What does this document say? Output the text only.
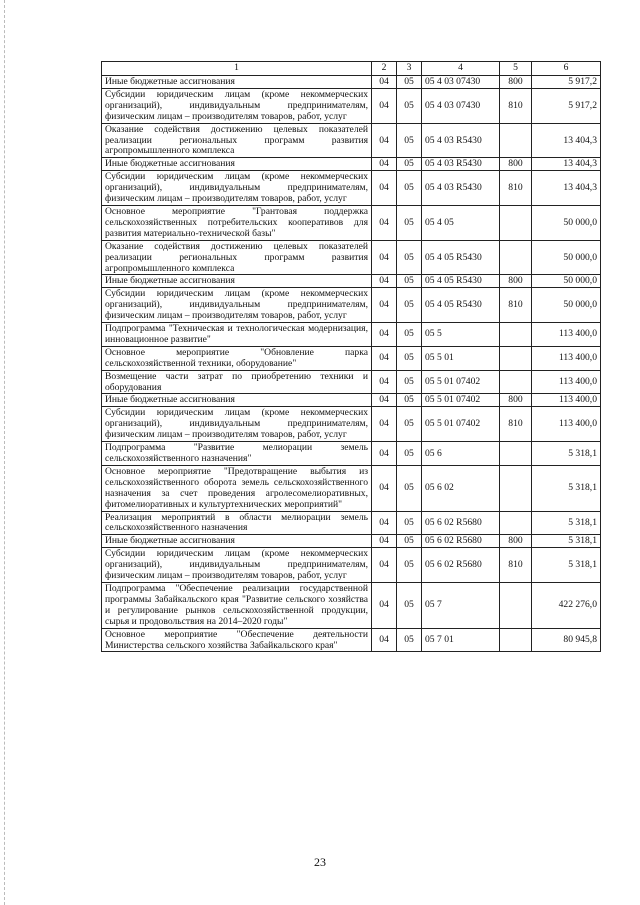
1	2	3	4	5	6
Иные бюджетные ассигнования	04	05	05 4 03 07430	800	5 917,2
Субсидии юридическим лицам (кроме некоммерческих организаций), индивидуальным предпринимателям, физическим лицам – производителям товаров, работ, услуг	04	05	05 4 03 07430	810	5 917,2
Оказание содействия достижению целевых показателей реализации региональных программ развития агропромышленного комплекса	04	05	05 4 03 R5430		13 404,3
Иные бюджетные ассигнования	04	05	05 4 03 R5430	800	13 404,3
Субсидии юридическим лицам (кроме некоммерческих организаций), индивидуальным предпринимателям, физическим лицам – производителям товаров, работ, услуг	04	05	05 4 03 R5430	810	13 404,3
Основное мероприятие "Грантовая поддержка сельскохозяйственных потребительских кооперативов для развития материально-технической базы"	04	05	05 4 05		50 000,0
Оказание содействия достижению целевых показателей реализации региональных программ развития агропромышленного комплекса	04	05	05 4 05 R5430		50 000,0
Иные бюджетные ассигнования	04	05	05 4 05 R5430	800	50 000,0
Субсидии юридическим лицам (кроме некоммерческих организаций), индивидуальным предпринимателям, физическим лицам – производителям товаров, работ, услуг	04	05	05 4 05 R5430	810	50 000,0
Подпрограмма "Техническая и технологическая модернизация, инновационное развитие"	04	05	05 5		113 400,0
Основное мероприятие "Обновление парка сельскохозяйственной техники, оборудование"	04	05	05 5 01		113 400,0
Возмещение части затрат по приобретению техники и оборудования	04	05	05 5 01 07402		113 400,0
Иные бюджетные ассигнования	04	05	05 5 01 07402	800	113 400,0
Субсидии юридическим лицам (кроме некоммерческих организаций), индивидуальным предпринимателям, физическим лицам – производителям товаров, работ, услуг	04	05	05 5 01 07402	810	113 400,0
Подпрограмма "Развитие мелиорации земель сельскохозяйственного назначения"	04	05	05 6		5 318,1
Основное мероприятие "Предотвращение выбытия из сельскохозяйственного оборота земель сельскохозяйственного назначения за счет проведения агролесомелиоративных, фитомелиоративных и культуртехнических мероприятий"	04	05	05 6 02		5 318,1
Реализация мероприятий в области мелиорации земель сельскохозяйственного назначения	04	05	05 6 02 R5680		5 318,1
Иные бюджетные ассигнования	04	05	05 6 02 R5680	800	5 318,1
Субсидии юридическим лицам (кроме некоммерческих организаций), индивидуальным предпринимателям, физическим лицам – производителям товаров, работ, услуг	04	05	05 6 02 R5680	810	5 318,1
Подпрограмма "Обеспечение реализации государственной программы Забайкальского края "Развитие сельского хозяйства и регулирование рынков сельскохозяйственной продукции, сырья и продовольствия на 2014–2020 годы"	04	05	05 7		422 276,0
Основное мероприятие "Обеспечение деятельности Министерства сельского хозяйства Забайкальского края"	04	05	05 7 01		80 945,8
23
